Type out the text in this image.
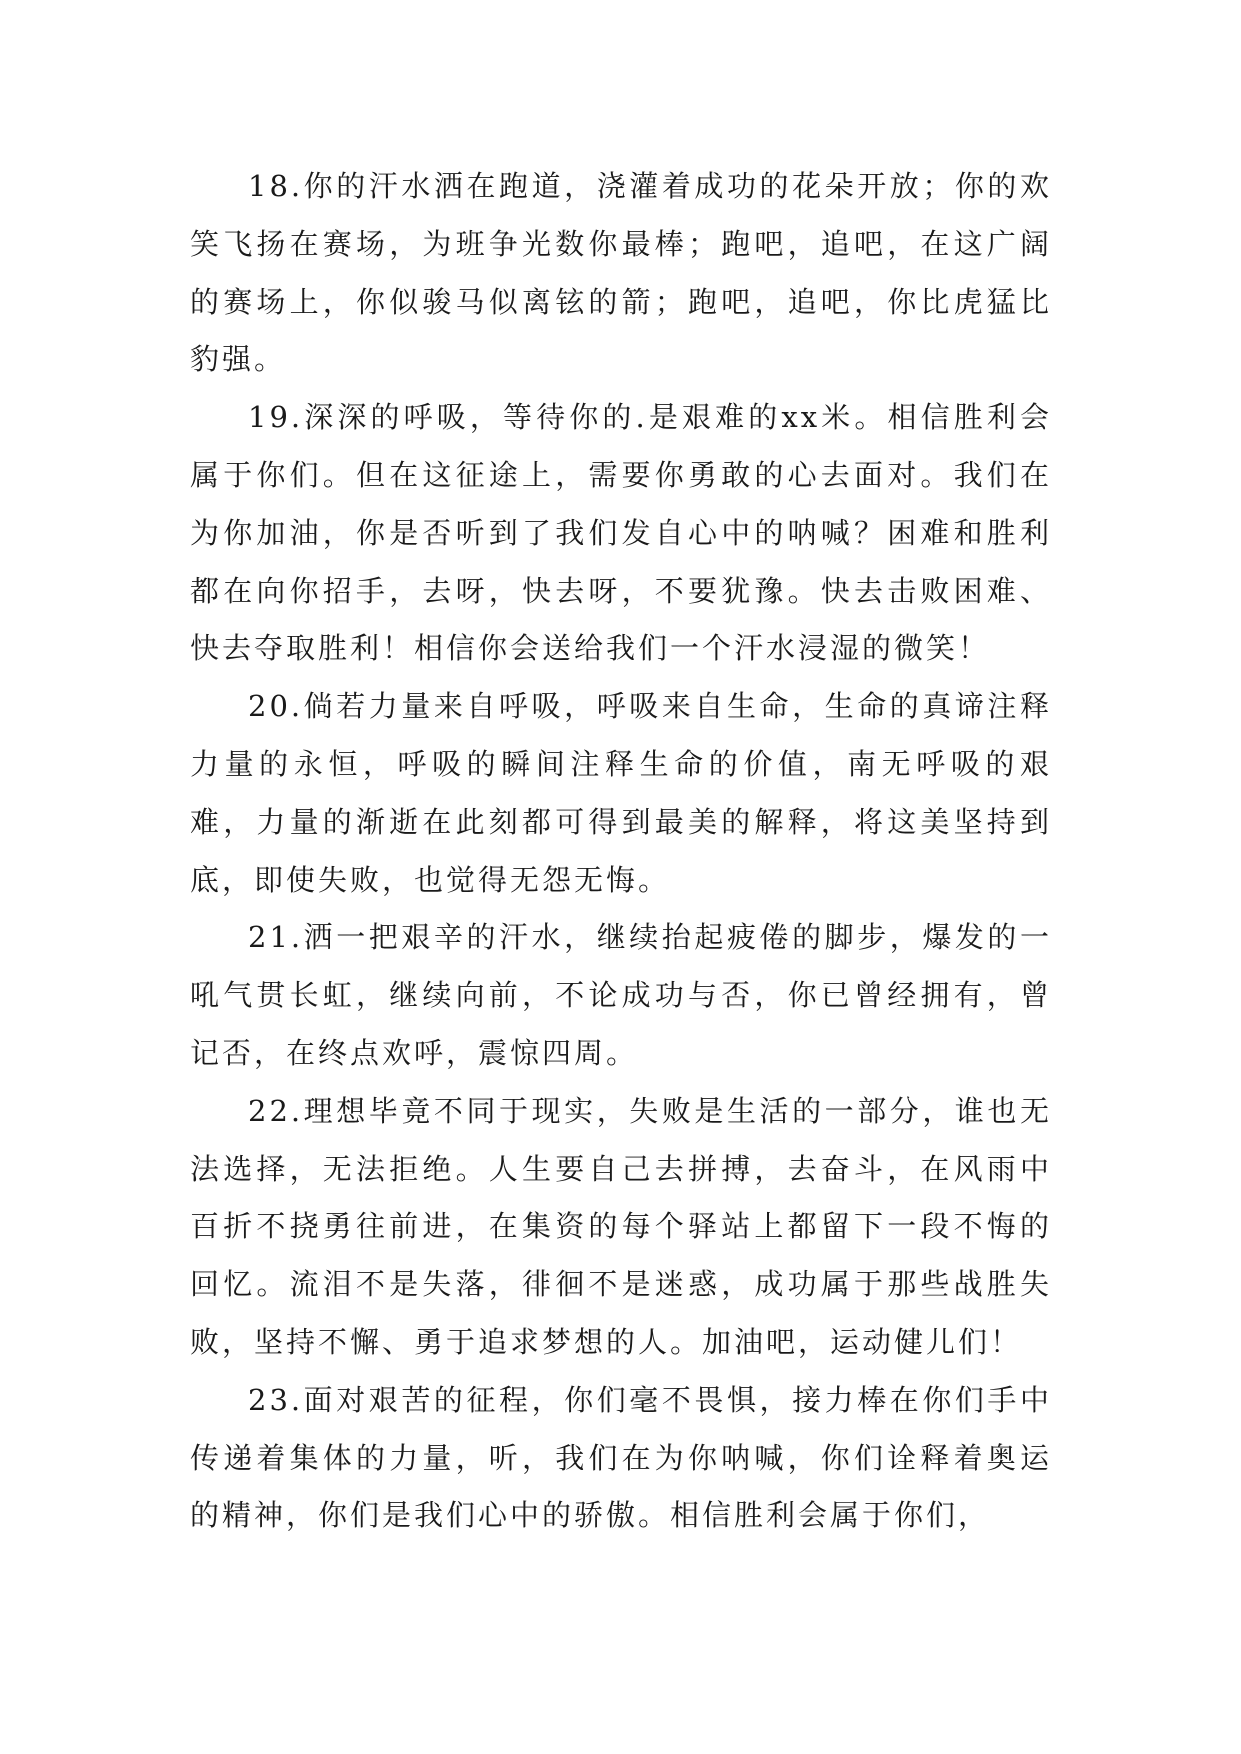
18.你的汗水洒在跑道，浇灌着成功的花朵开放；你的欢笑飞扬在赛场，为班争光数你最棒；跑吧，追吧，在这广阔的赛场上，你似骏马似离铉的箭；跑吧，追吧，你比虎猛比豹强。

19.深深的呼吸，等待你的.是艰难的xx米。相信胜利会属于你们。但在这征途上，需要你勇敢的心去面对。我们在为你加油，你是否听到了我们发自心中的呐喊？困难和胜利都在向你招手，去呀，快去呀，不要犹豫。快去击败困难、快去夺取胜利！相信你会送给我们一个汗水浸湿的微笑！

20.倘若力量来自呼吸，呼吸来自生命，生命的真谛注释力量的永恒，呼吸的瞬间注释生命的价值，南无呼吸的艰难，力量的渐逝在此刻都可得到最美的解释，将这美坚持到底，即使失败，也觉得无怨无悔。

21.洒一把艰辛的汗水，继续抬起疲倦的脚步，爆发的一吼气贯长虹，继续向前，不论成功与否，你已曾经拥有，曾记否，在终点欢呼，震惊四周。

22.理想毕竟不同于现实，失败是生活的一部分，谁也无法选择，无法拒绝。人生要自己去拼搏，去奋斗，在风雨中百折不挠勇往前进，在集资的每个驿站上都留下一段不悔的回忆。流泪不是失落，徘徊不是迷惑，成功属于那些战胜失败，坚持不懈、勇于追求梦想的人。加油吧，运动健儿们！

23.面对艰苦的征程，你们毫不畏惧，接力棒在你们手中传递着集体的力量，听，我们在为你呐喊，你们诠释着奥运的精神，你们是我们心中的骄傲。相信胜利会属于你们，
